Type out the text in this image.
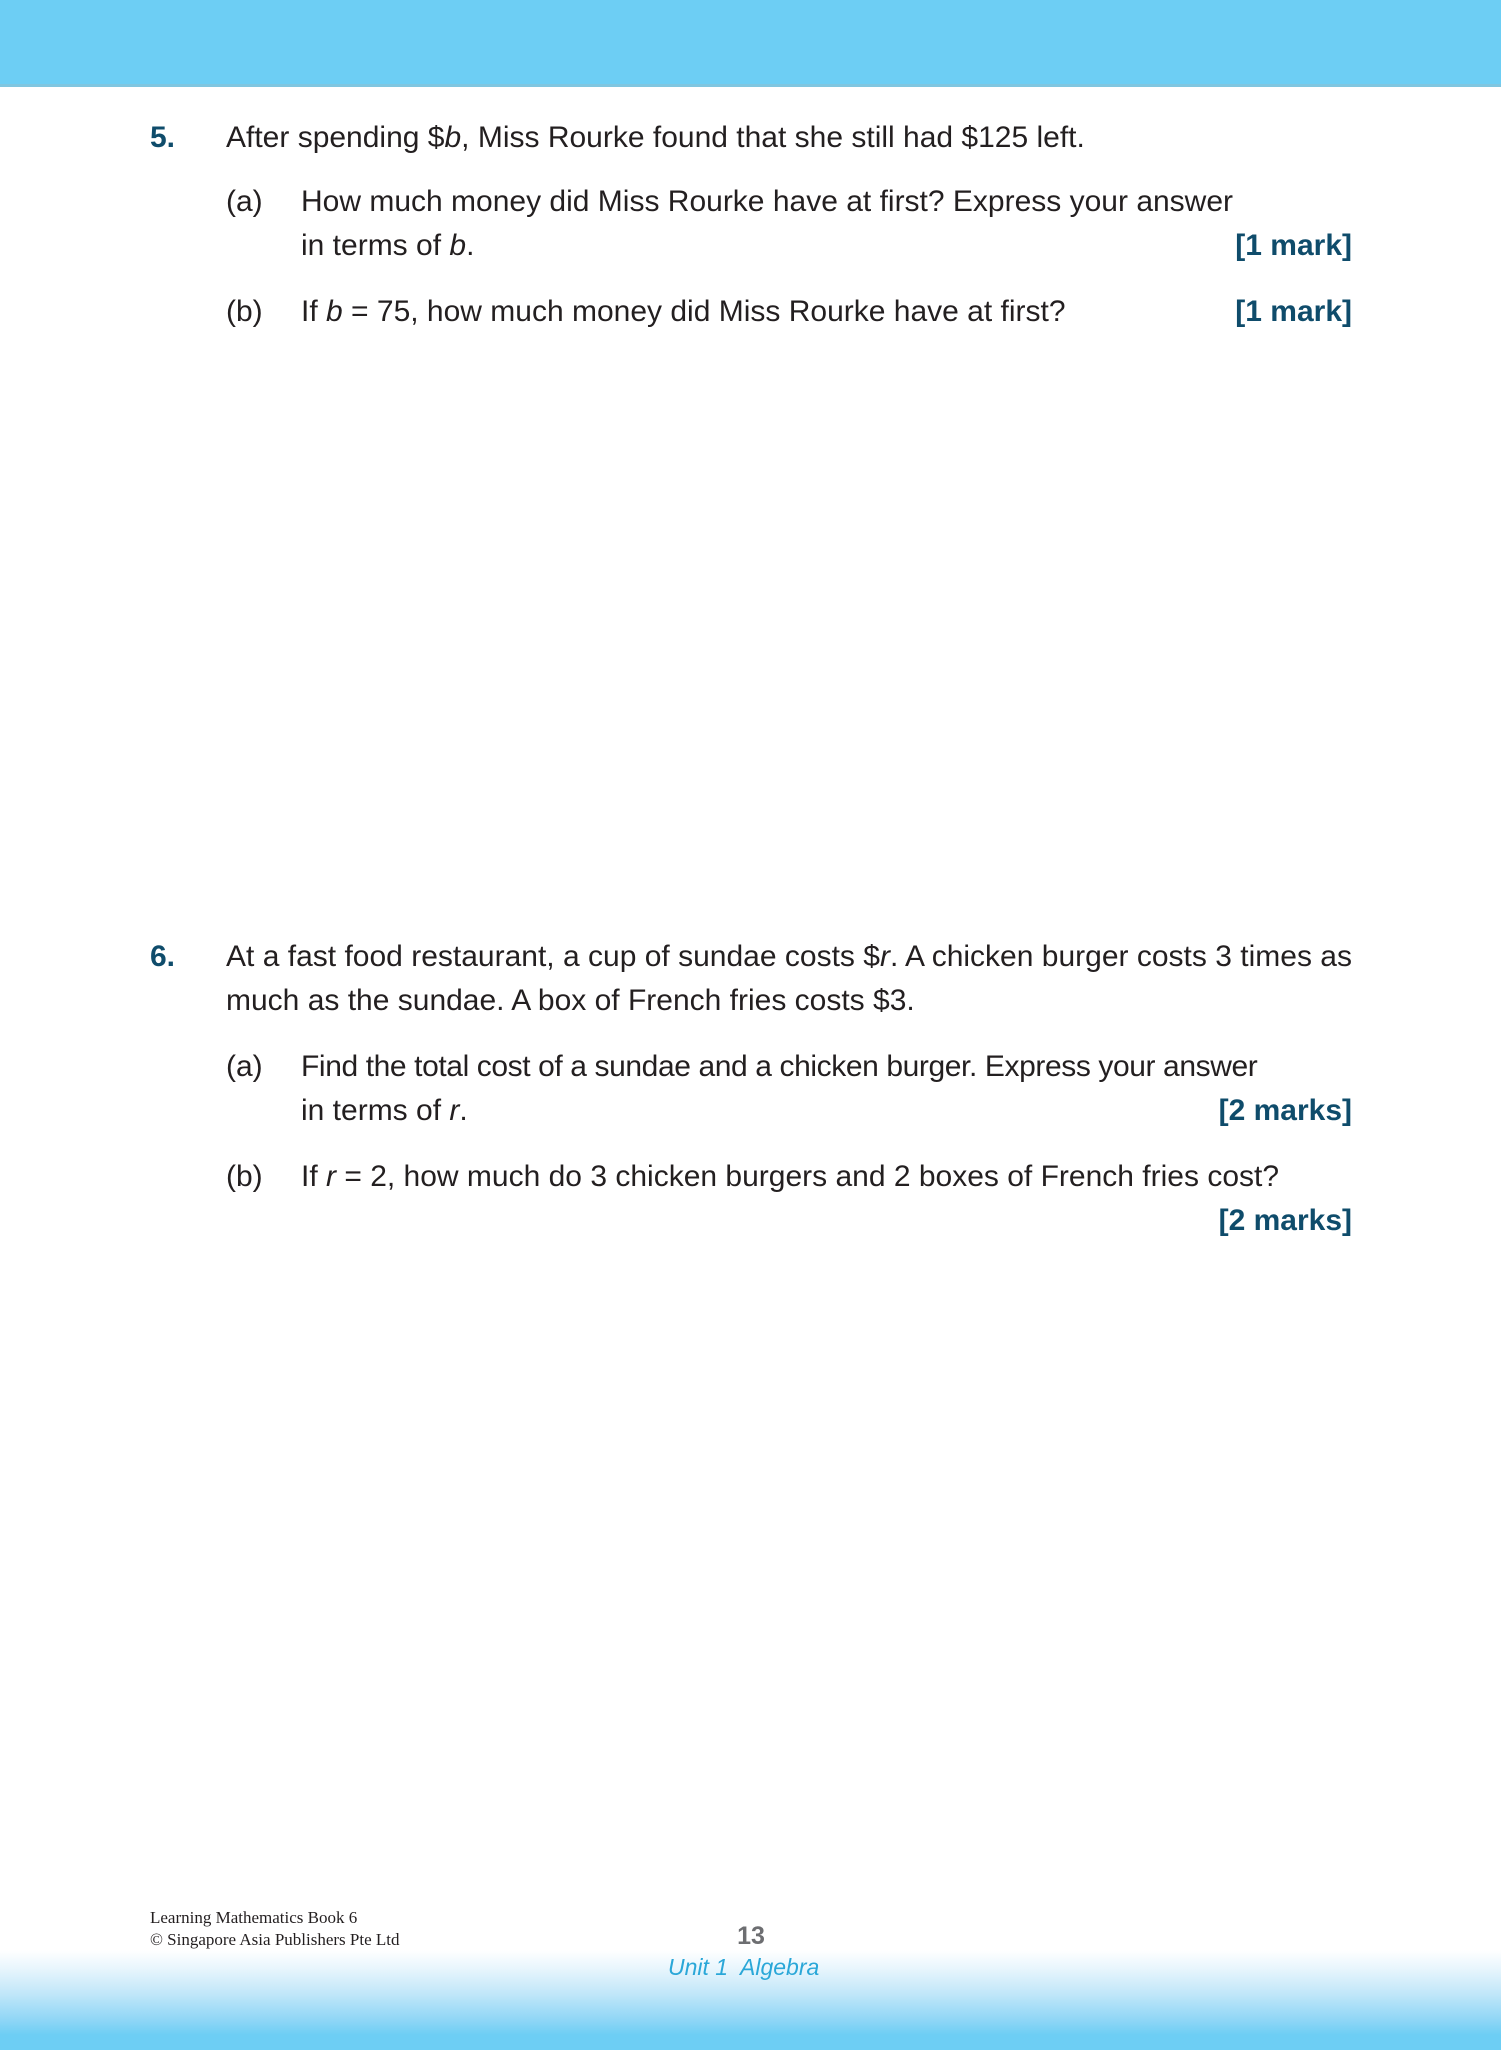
5. After spending $b, Miss Rourke found that she still had $125 left.
(a) How much money did Miss Rourke have at first? Express your answer
in terms of b.	[1 mark]
(b) If b = 75, how much money did Miss Rourke have at first?	[1 mark]
6. At a fast food restaurant, a cup of sundae costs $r. A chicken burger costs 3 times as much as the sundae. A box of French fries costs $3.
(a) Find the total cost of a sundae and a chicken burger. Express your answer
in terms of r.	[2 marks]
(b) If r = 2, how much do 3 chicken burgers and 2 boxes of French fries cost?
[2 marks]
Learning Mathematics Book 6
© Singapore Asia Publishers Pte Ltd	13
Unit 1  Algebra
